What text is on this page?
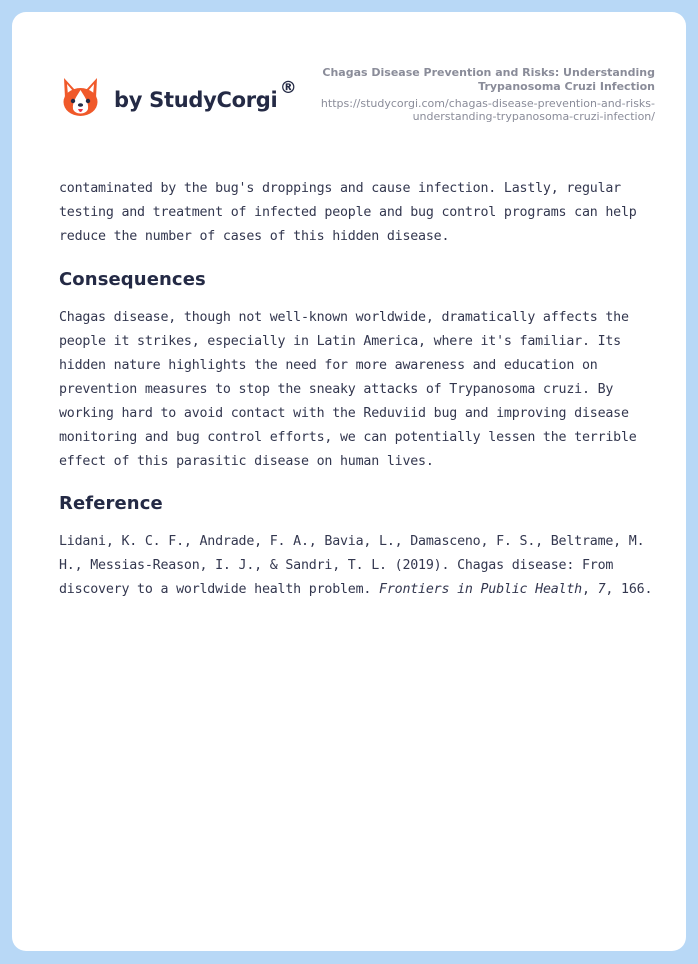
by StudyCorgi ®
Chagas Disease Prevention and Risks: Understanding Trypanosoma Cruzi Infection
https://studycorgi.com/chagas-disease-prevention-and-risks-understanding-trypanosoma-cruzi-infection/

contaminated by the bug's droppings and cause infection. Lastly, regular testing and treatment of infected people and bug control programs can help reduce the number of cases of this hidden disease.

Consequences

Chagas disease, though not well-known worldwide, dramatically affects the people it strikes, especially in Latin America, where it's familiar. Its hidden nature highlights the need for more awareness and education on prevention measures to stop the sneaky attacks of Trypanosoma cruzi. By working hard to avoid contact with the Reduviid bug and improving disease monitoring and bug control efforts, we can potentially lessen the terrible effect of this parasitic disease on human lives.

Reference

Lidani, K. C. F., Andrade, F. A., Bavia, L., Damasceno, F. S., Beltrame, M. H., Messias-Reason, I. J., & Sandri, T. L. (2019). Chagas disease: From discovery to a worldwide health problem. Frontiers in Public Health, 7, 166.
